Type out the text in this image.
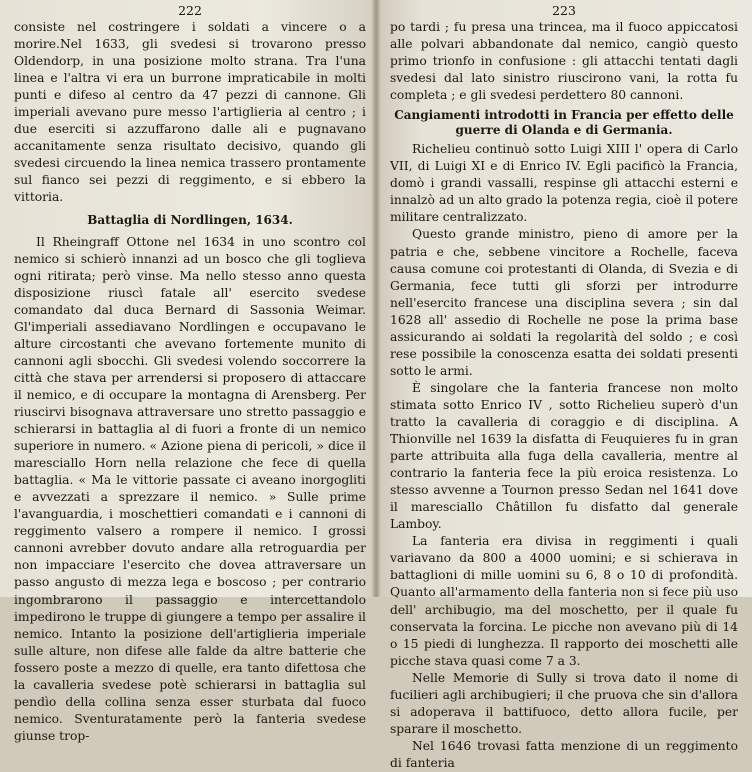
222

consiste nel costringere i soldati a vincere o a morire.Nel 1633, gli svedesi si trovarono presso Oldendorp, in una posizione molto strana. Tra l'una linea e l'altra vi era un burrone impraticabile in molti punti e difeso al centro da 47 pezzi di cannone. Gli imperiali avevano pure messo l'artiglieria al centro ; i due eserciti si azzuffarono dalle ali e pugnavano accanitamente senza risultato decisivo, quando gli svedesi circuendo la linea nemica trassero prontamente sul fianco sei pezzi di reggimento, e si ebbero la vittoria.

Battaglia di Nordlingen, 1634.

Il Rheingraff Ottone nel 1634 in uno scontro col nemico si schierò innanzi ad un bosco che gli toglieva ogni ritirata; però vinse. Ma nello stesso anno questa disposizione riuscì fatale all' esercito svedese comandato dal duca Bernard di Sassonia Weimar. Gl'imperiali assediavano Nordlingen e occupavano le alture circostanti che avevano fortemente munito di cannoni agli sbocchi. Gli svedesi volendo soccorrere la città che stava per arrendersi si proposero di attaccare il nemico, e di occupare la montagna di Arensberg. Per riuscirvi bisognava attraversare uno stretto passaggio e schierarsi in battaglia al di fuori a fronte di un nemico superiore in numero. « Azione piena di pericoli, » dice il maresciallo Horn nella relazione che fece di quella battaglia. « Ma le vittorie passate ci aveano inorgogliti e avvezzati a sprezzare il nemico. » Sulle prime l'avanguardia, i moschettieri comandati e i cannoni di reggimento valsero a rompere il nemico. I grossi cannoni avrebber dovuto andare alla retroguardia per non impacciare l'esercito che dovea attraversare un passo angusto di mezza lega e boscoso ; per contrario ingombrarono il passaggio e intercettandolo impedirono le truppe di giungere a tempo per assalire il nemico. Intanto la posizione dell'artiglieria imperiale sulle alture, non difese alle falde da altre batterie che fossero poste a mezzo di quelle, era tanto difettosa che la cavalleria svedese potè schierarsi in battaglia sul pendìo della collina senza esser sturbata dal fuoco nemico. Sventuratamente però la fanteria svedese giunse trop-

223

po tardi ; fu presa una trincea, ma il fuoco appiccatosi alle polvari abbandonate dal nemico, cangiò questo primo trionfo in confusione : gli attacchi tentati dagli svedesi dal lato sinistro riuscirono vani, la rotta fu completa ; e gli svedesi perdettero 80 cannoni.

Cangiamenti introdotti in Francia per effetto delle
guerre di Olanda e di Germania.

Richelieu continuò sotto Luigi XIII l' opera di Carlo VII, di Luigi XI e di Enrico IV. Egli pacificò la Francia, domò i grandi vassalli, respinse gli attacchi esterni e innalzò ad un alto grado la potenza regia, cioè il potere militare centralizzato.

Questo grande ministro, pieno di amore per la patria e che, sebbene vincitore a Rochelle, faceva causa comune coi protestanti di Olanda, di Svezia e di Germania, fece tutti gli sforzi per introdurre nell'esercito francese una disciplina severa ; sin dal 1628 all' assedio di Rochelle ne pose la prima base assicurando ai soldati la regolarità del soldo ; e così rese possibile la conoscenza esatta dei soldati presenti sotto le armi.

È singolare che la fanteria francese non molto stimata sotto Enrico IV , sotto Richelieu superò d'un tratto la cavalleria di coraggio e di disciplina. A Thionville nel 1639 la disfatta di Feuquieres fu in gran parte attribuita alla fuga della cavalleria, mentre al contrario la fanteria fece la più eroica resistenza. Lo stesso avvenne a Tournon presso Sedan nel 1641 dove il maresciallo Châtillon fu disfatto dal generale Lamboy.

La fanteria era divisa in reggimenti i quali variavano da 800 a 4000 uomini; e si schierava in battaglioni di mille uomini su 6, 8 o 10 di profondità. Quanto all'armamento della fanteria non si fece più uso dell' archibugio, ma del moschetto, per il quale fu conservata la forcina. Le picche non avevano più di 14 o 15 piedi di lunghezza. Il rapporto dei moschetti alle picche stava quasi come 7 a 3.

Nelle Memorie di Sully si trova dato il nome di fucilieri agli archibugieri; il che pruova che sin d'allora si adoperava il battifuoco, detto allora fucile, per sparare il moschetto.

Nel 1646 trovasi fatta menzione di un reggimento di fanteria
